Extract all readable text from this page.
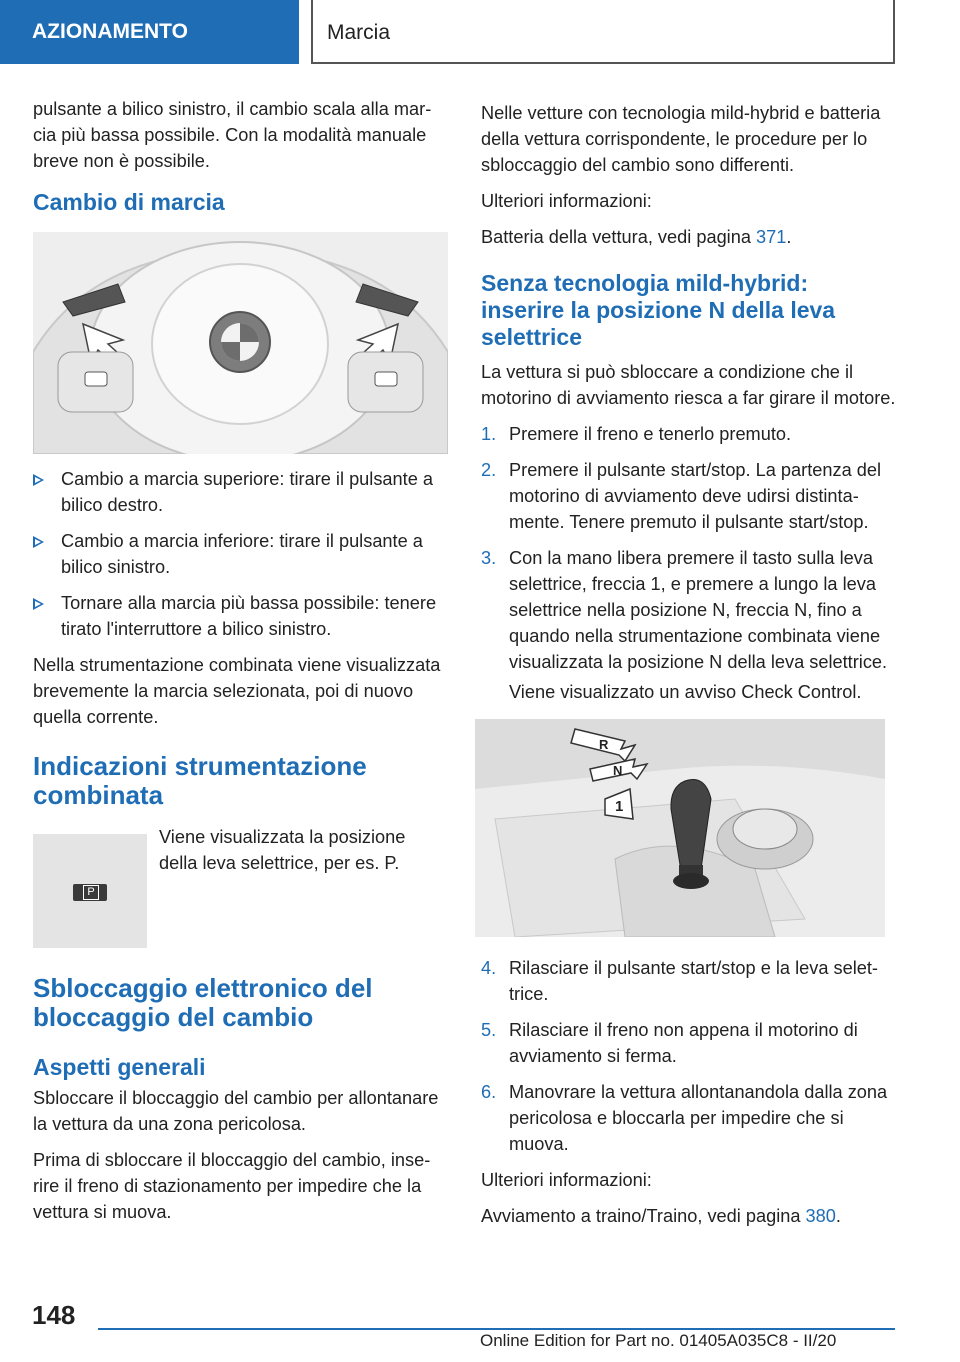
AZIONAMENTO	Marcia

pulsante a bilico sinistro, il cambio scala alla marcia più bassa possibile. Con la modalità manuale breve non è possibile.

Cambio di marcia
Cambio a marcia superiore: tirare il pulsante a bilico destro.
Cambio a marcia inferiore: tirare il pulsante a bilico sinistro.
Tornare alla marcia più bassa possibile: tenere tirato l'interruttore a bilico sinistro.

Nella strumentazione combinata viene visualizzata brevemente la marcia selezionata, poi di nuovo quella corrente.

Indicazioni strumentazione combinata
P

Viene visualizzata la posizione della leva selettrice, per es. P.

Sbloccaggio elettronico del bloccaggio del cambio
Aspetti generali

Sbloccare il bloccaggio del cambio per allontanare la vettura da una zona pericolosa.

Prima di sbloccare il bloccaggio del cambio, inserire il freno di stazionamento per impedire che la vettura si muova.

Nelle vetture con tecnologia mild-hybrid e batteria della vettura corrispondente, le procedure per lo sbloccaggio del cambio sono differenti.

Ulteriori informazioni:

Batteria della vettura, vedi pagina 371.

Senza tecnologia mild-hybrid: inserire la posizione N della leva selettrice

La vettura si può sbloccare a condizione che il motorino di avviamento riesca a far girare il motore.

1. Premere il freno e tenerlo premuto.
2. Premere il pulsante start/stop. La partenza del motorino di avviamento deve udirsi distintamente. Tenere premuto il pulsante start/stop.
3. Con la mano libera premere il tasto sulla leva selettrice, freccia 1, e premere a lungo la leva selettrice nella posizione N, freccia N, fino a quando nella strumentazione combinata viene visualizzata la posizione N della leva selettrice.

Viene visualizzato un avviso Check Control.

R
N
1
4. Rilasciare il pulsante start/stop e la leva selettrice.
5. Rilasciare il freno non appena il motorino di avviamento si ferma.
6. Manovrare la vettura allontanandola dalla zona pericolosa e bloccarla per impedire che si muova.

Ulteriori informazioni:

Avviamento a traino/Traino, vedi pagina 380.

148
Online Edition for Part no. 01405A035C8 - II/20
